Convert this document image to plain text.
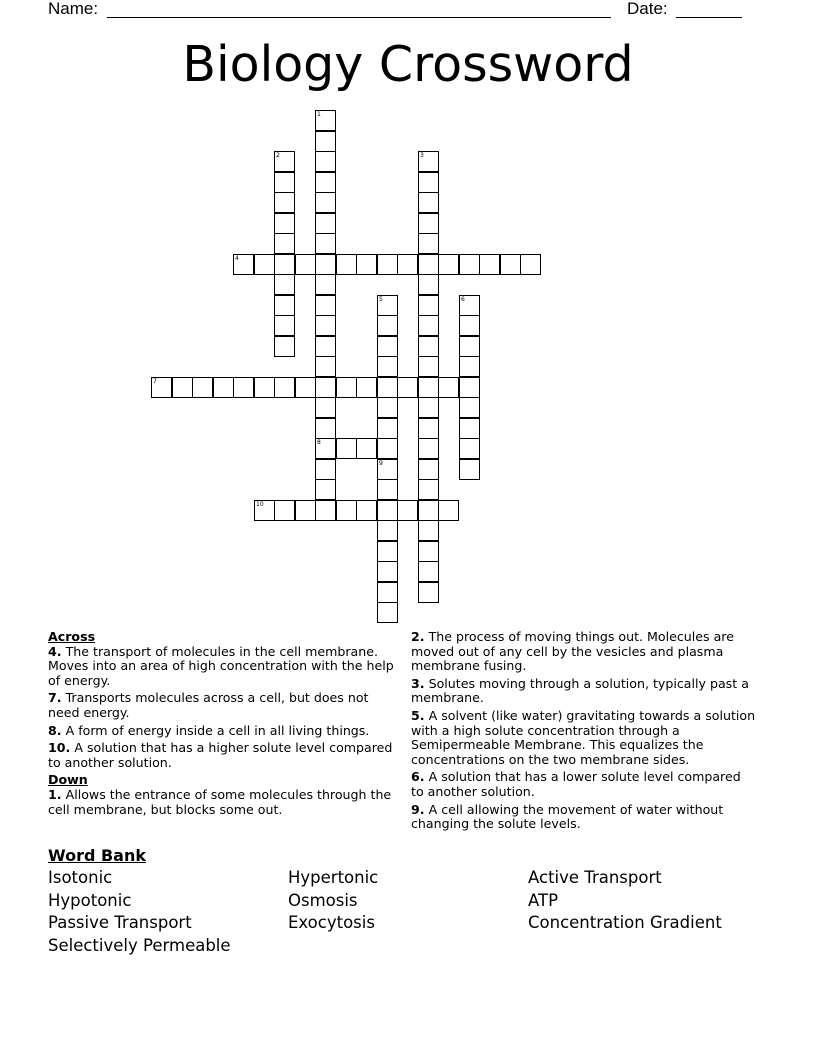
Name:	Date:
Biology Crossword
1
8
2	3
4
5	6
7
9
10
Across
4. The transport of molecules in the cell membrane. Moves into an area of high concentration with the help of energy.
7. Transports molecules across a cell, but does not need energy.
8. A form of energy inside a cell in all living things.
10. A solution that has a higher solute level compared to another solution.
Down
1. Allows the entrance of some molecules through the cell membrane, but blocks some out.
2. The process of moving things out. Molecules are moved out of any cell by the vesicles and plasma membrane fusing.
3. Solutes moving through a solution, typically past a membrane.
5. A solvent (like water) gravitating towards a solution with a high solute concentration through a Semipermeable Membrane. This equalizes the concentrations on the two membrane sides.
6. A solution that has a lower solute level compared to another solution.
9. A cell allowing the movement of water without changing the solute levels.
Word Bank
Isotonic
Hypotonic
Passive Transport
Selectively Permeable
Hypertonic
Osmosis
Exocytosis
Active Transport
ATP
Concentration Gradient
